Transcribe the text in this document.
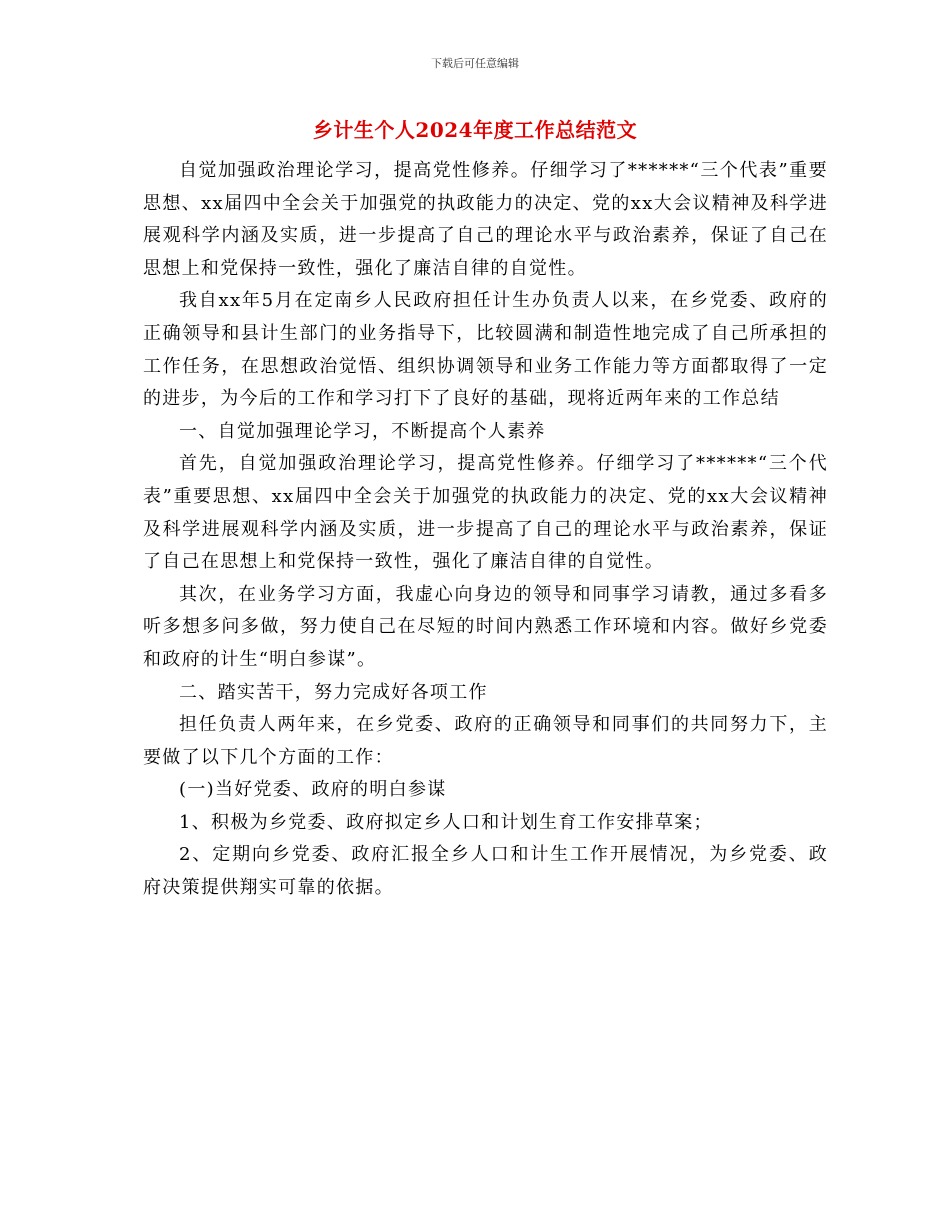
下载后可任意编辑
乡计生个人2024年度工作总结范文

自觉加强政治理论学习，提高党性修养。仔细学习了******“三个代表”重要思想、xx届四中全会关于加强党的执政能力的决定、党的xx大会议精神及科学进展观科学内涵及实质，进一步提高了自己的理论水平与政治素养，保证了自己在思想上和党保持一致性，强化了廉洁自律的自觉性。

我自xx年5月在定南乡人民政府担任计生办负责人以来，在乡党委、政府的正确领导和县计生部门的业务指导下，比较圆满和制造性地完成了自己所承担的工作任务，在思想政治觉悟、组织协调领导和业务工作能力等方面都取得了一定的进步，为今后的工作和学习打下了良好的基础，现将近两年来的工作总结

一、自觉加强理论学习，不断提高个人素养

首先，自觉加强政治理论学习，提高党性修养。仔细学习了******“三个代表”重要思想、xx届四中全会关于加强党的执政能力的决定、党的xx大会议精神及科学进展观科学内涵及实质，进一步提高了自己的理论水平与政治素养，保证了自己在思想上和党保持一致性，强化了廉洁自律的自觉性。

其次，在业务学习方面，我虚心向身边的领导和同事学习请教，通过多看多听多想多问多做，努力使自己在尽短的时间内熟悉工作环境和内容。做好乡党委和政府的计生“明白参谋”。

二、踏实苦干，努力完成好各项工作

担任负责人两年来，在乡党委、政府的正确领导和同事们的共同努力下，主要做了以下几个方面的工作：

(一)当好党委、政府的明白参谋

1、积极为乡党委、政府拟定乡人口和计划生育工作安排草案；

2、定期向乡党委、政府汇报全乡人口和计生工作开展情况，为乡党委、政府决策提供翔实可靠的依据。
